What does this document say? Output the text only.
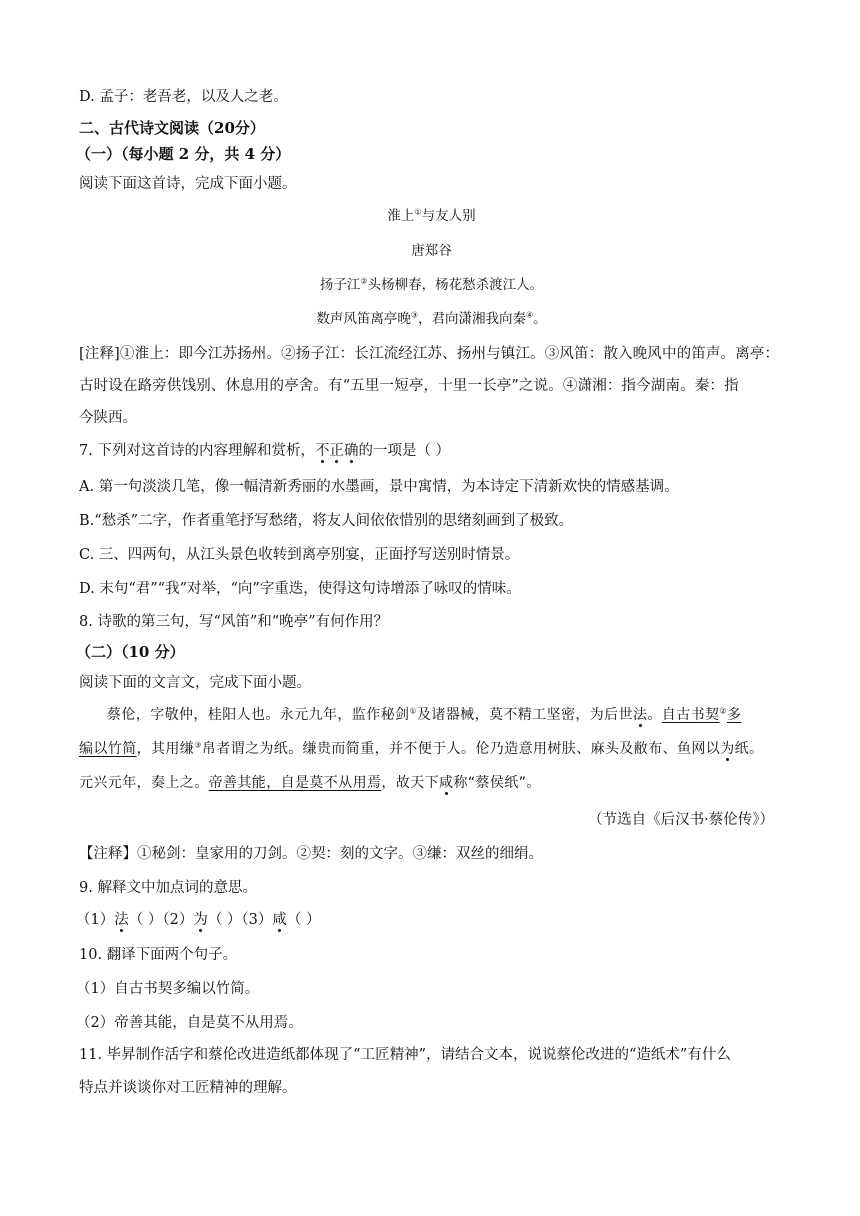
D. 孟子：老吾老，以及人之老。
二、古代诗文阅读（20分）
（一）（每小题 2 分，共 4 分）
阅读下面这首诗，完成下面小题。
淮上①与友人别
唐郑谷
扬子江②头杨柳春，杨花愁杀渡江人。
数声风笛离亭晚③，君向潇湘我向秦④。
[注释]①淮上：即今江苏扬州。②扬子江：长江流经江苏、扬州与镇江。③风笛：散入晚风中的笛声。离亭：
古时设在路旁供饯别、休息用的亭舍。有“五里一短亭，十里一长亭”之说。④潇湘：指今湖南。秦：指
今陕西。
7. 下列对这首诗的内容理解和赏析，不正确的一项是（ ）
A. 第一句淡淡几笔，像一幅清新秀丽的水墨画，景中寓情，为本诗定下清新欢快的情感基调。
B.“愁杀”二字，作者重笔抒写愁绪，将友人间依依惜别的思绪刻画到了极致。
C. 三、四两句，从江头景色收转到离亭别宴，正面抒写送别时情景。
D. 末句“君”“我”对举，“向”字重迭，使得这句诗增添了咏叹的情味。
8. 诗歌的第三句，写“风笛”和“晚亭”有何作用？
（二）（10 分）
阅读下面的文言文，完成下面小题。
蔡伦，字敬仲，桂阳人也。永元九年，监作秘剑①及诸器械，莫不精工坚密，为后世法。自古书契②多
编以竹简，其用缣③帛者谓之为纸。缣贵而简重，并不便于人。伦乃造意用树肤、麻头及敝布、鱼网以为纸。
元兴元年，奏上之。帝善其能，自是莫不从用焉，故天下咸称“蔡侯纸”。
（节选自《后汉书·蔡伦传》）
【注释】①秘剑：皇家用的刀剑。②契：刻的文字。③缣：双丝的细绢。
9. 解释文中加点词的意思。
（1）法（ ）（2）为（ ）（3）咸（ ）
10. 翻译下面两个句子。
（1）自古书契多编以竹简。
（2）帝善其能，自是莫不从用焉。
11. 毕昇制作活字和蔡伦改进造纸都体现了“工匠精神”，请结合文本，说说蔡伦改进的“造纸术”有什么
特点并谈谈你对工匠精神的理解。
